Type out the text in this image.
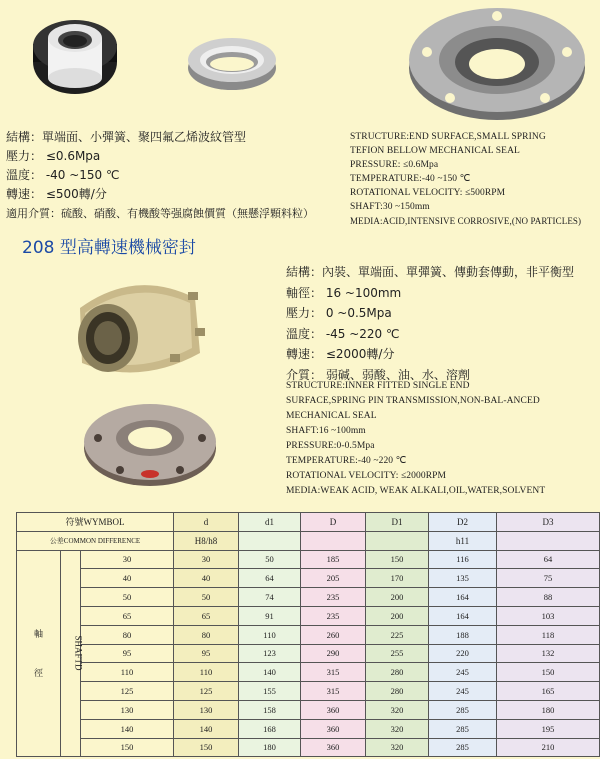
結構：單端面、小彈簧、聚四氟乙烯波紋管型
壓力： ≤0.6Mpa
溫度： -40 ~150 ℃
轉速： ≤500轉/分
適用介質：硫酸、硝酸、有機酸等强腐蝕價質（無懸浮顆料粒）
STRUCTURE:END SURFACE,SMALL SPRING
TEFION BELLOW MECHANICAL SEAL
PRESSURE: ≤0.6Mpa
TEMPERATURE:-40 ~150 ℃
ROTATIONAL VELOCITY: ≤500RPM
SHAFT:30 ~150mm
MEDIA:ACID,INTENSIVE CORROSIVE,(NO PARTICLES)
208 型高轉速機械密封
結構：內裝、單端面、單彈簧、傳動套傳動，非平衡型
軸徑： 16 ~100mm
壓力： 0 ~0.5Mpa
溫度： -45 ~220 ℃
轉速： ≤2000轉/分
介質： 弱碱、弱酸、油、水、溶劑
STRUCTURE:INNER FITTED SINGLE END
SURFACE,SPRING PIN TRANSMISSION,NON-BAL-ANCED
MECHANICAL SEAL
SHAFT:16 ~100mm
PRESSURE:0-0.5Mpa
TEMPERATURE:-40 ~220 ℃
ROTATIONAL VELOCITY: ≤2000RPM
MEDIA:WEAK ACID, WEAK ALKALI,OIL,WATER,SOLVENT
符號WYMBOL			d	d1	D	D1	D2	D3	
公差COMMON DIFFERENCE			H8/h8				h11		

軸
徑	SHAFTD	30	30	50	185	150	116	64	
		40	40	64	205	170	135	75	
		50	50	74	235	200	164	88	
		65	65	91	235	200	164	103	
		80	80	110	260	225	188	118	
		95	95	123	290	255	220	132	
		110	110	140	315	280	245	150	
		125	125	155	315	280	245	165	
		130	130	158	360	320	285	180	
		140	140	168	360	320	285	195	
		150	150	180	360	320	285	210	
